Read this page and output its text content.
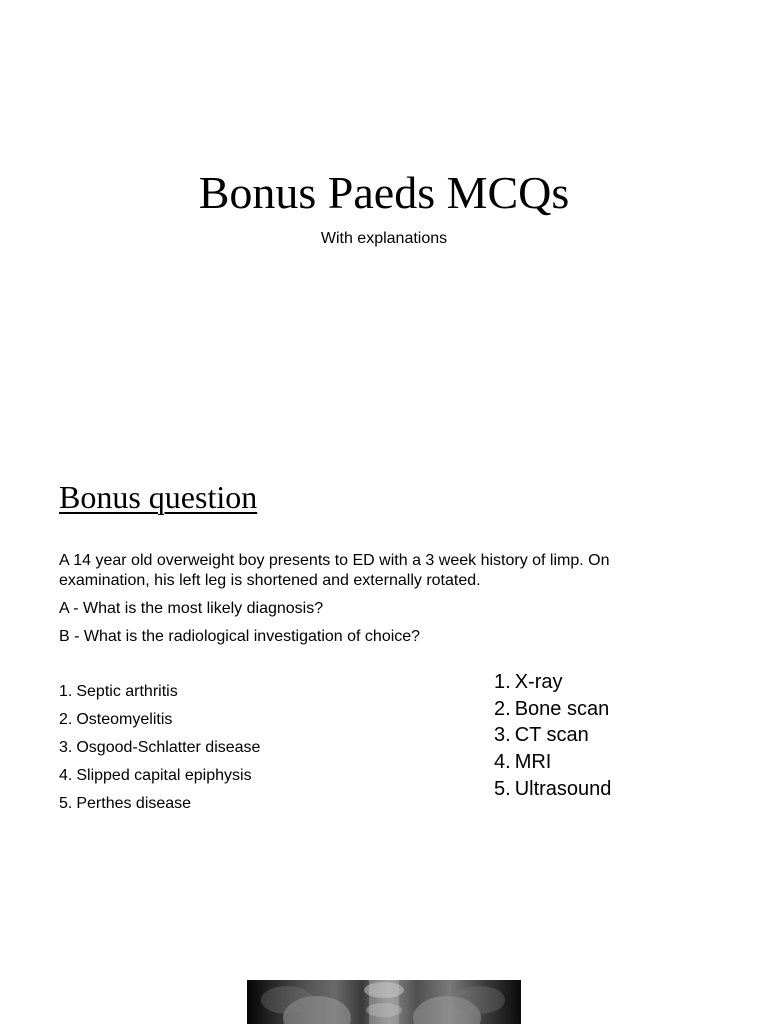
Bonus Paeds MCQs

With explanations

Bonus question

A 14 year old overweight boy presents to ED with a 3 week history of limp. On examination, his left leg is shortened and externally rotated.

A - What is the most likely diagnosis?

B - What is the radiological investigation of choice?

1. Septic arthritis
2. Osteomyelitis
3. Osgood-Schlatter disease
4. Slipped capital epiphysis
5. Perthes disease
1. X-ray
2. Bone scan
3. CT scan
4. MRI
5. Ultrasound
